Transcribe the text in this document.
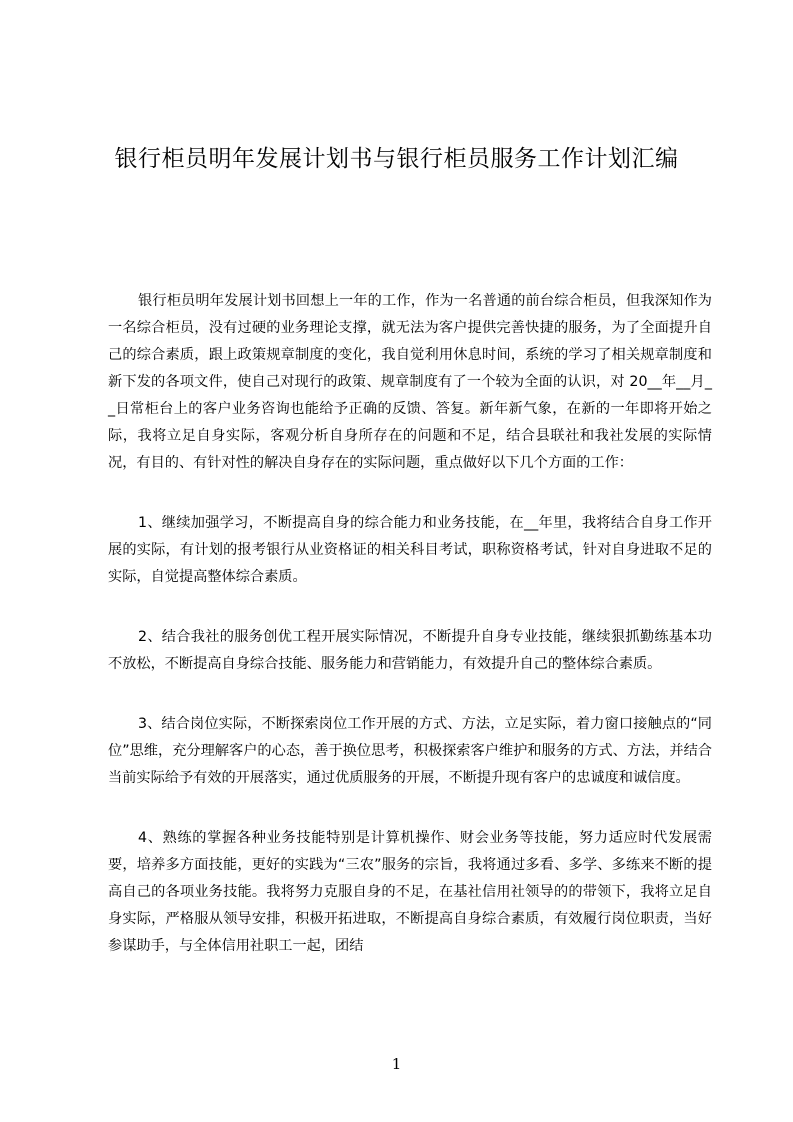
银行柜员明年发展计划书与银行柜员服务工作计划汇编

银行柜员明年发展计划书回想上一年的工作，作为一名普通的前台综合柜员，但我深知作为一名综合柜员，没有过硬的业务理论支撑，就无法为客户提供完善快捷的服务，为了全面提升自己的综合素质，跟上政策规章制度的变化，我自觉利用休息时间，系统的学习了相关规章制度和新下发的各项文件，使自己对现行的政策、规章制度有了一个较为全面的认识，对 20__年__月__日常柜台上的客户业务咨询也能给予正确的反馈、答复。新年新气象，在新的一年即将开始之际，我将立足自身实际，客观分析自身所存在的问题和不足，结合县联社和我社发展的实际情况，有目的、有针对性的解决自身存在的实际问题，重点做好以下几个方面的工作：

1、继续加强学习，不断提高自身的综合能力和业务技能，在__年里，我将结合自身工作开展的实际，有计划的报考银行从业资格证的相关科目考试，职称资格考试，针对自身进取不足的实际，自觉提高整体综合素质。

2、结合我社的服务创优工程开展实际情况，不断提升自身专业技能，继续狠抓勤练基本功不放松，不断提高自身综合技能、服务能力和营销能力，有效提升自己的整体综合素质。

3、结合岗位实际，不断探索岗位工作开展的方式、方法，立足实际，着力窗口接触点的“同位”思维，充分理解客户的心态，善于换位思考，积极探索客户维护和服务的方式、方法，并结合当前实际给予有效的开展落实，通过优质服务的开展，不断提升现有客户的忠诚度和诚信度。

4、熟练的掌握各种业务技能特别是计算机操作、财会业务等技能，努力适应时代发展需要，培养多方面技能，更好的实践为“三农”服务的宗旨，我将通过多看、多学、多练来不断的提高自己的各项业务技能。我将努力克服自身的不足，在基社信用社领导的的带领下，我将立足自身实际，严格服从领导安排，积极开拓进取，不断提高自身综合素质，有效履行岗位职责，当好参谋助手，与全体信用社职工一起，团结

1
